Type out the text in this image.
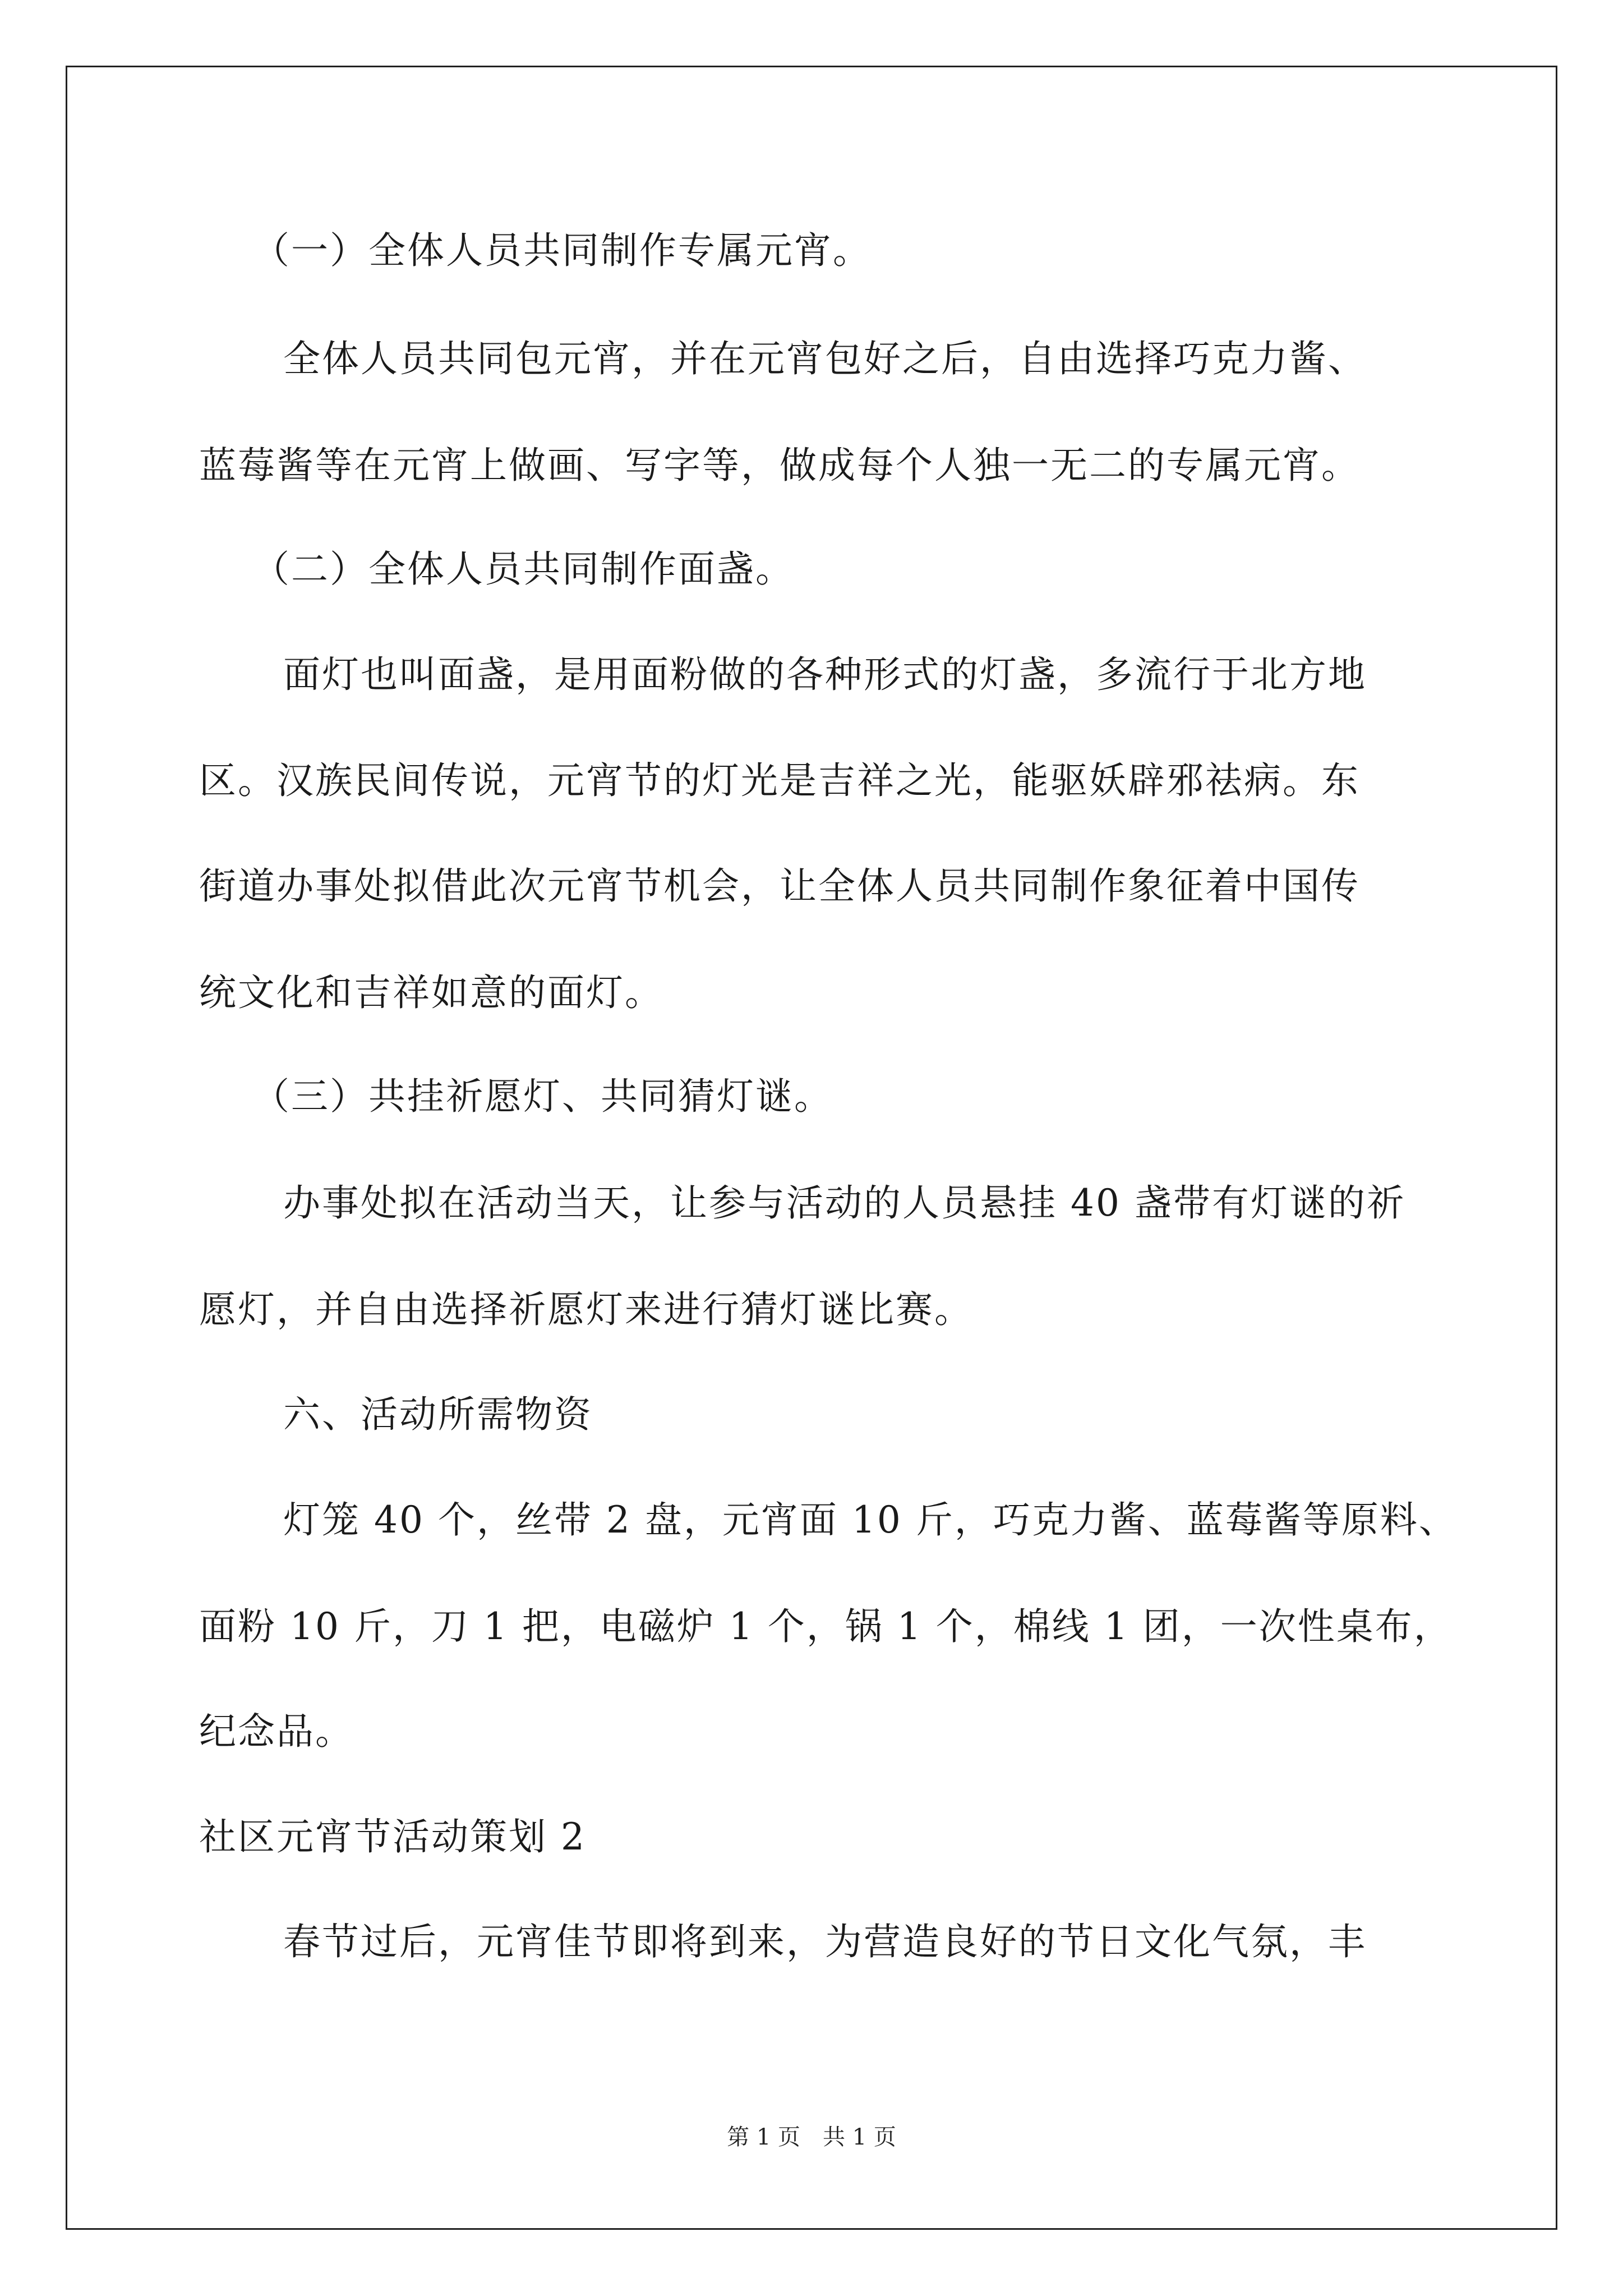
（一）全体人员共同制作专属元宵。
全体人员共同包元宵，并在元宵包好之后，自由选择巧克力酱、
蓝莓酱等在元宵上做画、写字等，做成每个人独一无二的专属元宵。
（二）全体人员共同制作面盏。
面灯也叫面盏，是用面粉做的各种形式的灯盏，多流行于北方地
区。汉族民间传说，元宵节的灯光是吉祥之光，能驱妖辟邪祛病。东
街道办事处拟借此次元宵节机会，让全体人员共同制作象征着中国传
统文化和吉祥如意的面灯。
（三）共挂祈愿灯、共同猜灯谜。
办事处拟在活动当天，让参与活动的人员悬挂 40 盏带有灯谜的祈
愿灯，并自由选择祈愿灯来进行猜灯谜比赛。
六、活动所需物资
灯笼 40 个，丝带 2 盘，元宵面 10 斤，巧克力酱、蓝莓酱等原料、
面粉 10 斤，刀 1 把，电磁炉 1 个，锅 1 个，棉线 1 团，一次性桌布，
纪念品。
社区元宵节活动策划 2
春节过后，元宵佳节即将到来，为营造良好的节日文化气氛，丰
第 1 页 共 1 页
